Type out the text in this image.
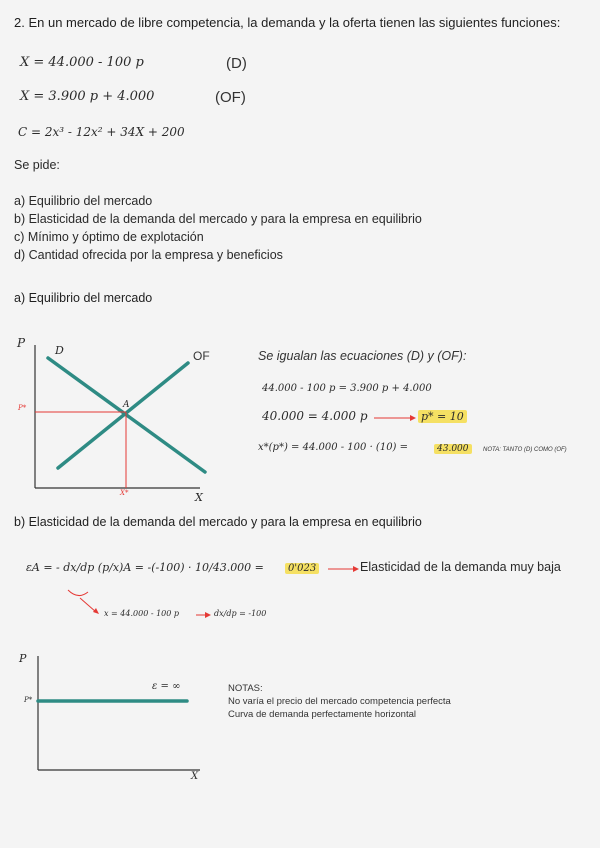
2. En un mercado de libre competencia, la demanda y la oferta tienen las siguientes funciones:
X = 44.000 - 100 p	(D)
X = 3.900 p + 4.000	(OF)
C = 2x³ - 12x² + 34X + 200
Se pide:
a) Equilibrio del mercado
b) Elasticidad de la demanda del mercado y para la empresa en equilibrio
c) Mínimo y óptimo de explotación
d) Cantidad ofrecida por la empresa y beneficios
a) Equilibrio del mercado
P
X
D	OF
A
P*
X*
Se igualan las ecuaciones (D) y (OF):
44.000 - 100 p = 3.900 p + 4.000
40.000 = 4.000 p	p* = 10
x*(p*) = 44.000 - 100 · (10) =	43.000	NOTA: TANTO (D) COMO (OF)
b) Elasticidad de la demanda del mercado y para la empresa en equilibrio
εA = - dx/dp (p/x)A = -(-100) · 10/43.000 =	0'023	Elasticidad de la demanda muy baja
x = 44.000 - 100 p	dx/dp = -100
P
X
P*
ε = ∞	NOTAS:
No varía el precio del mercado competencia perfecta
Curva de demanda perfectamente horizontal
